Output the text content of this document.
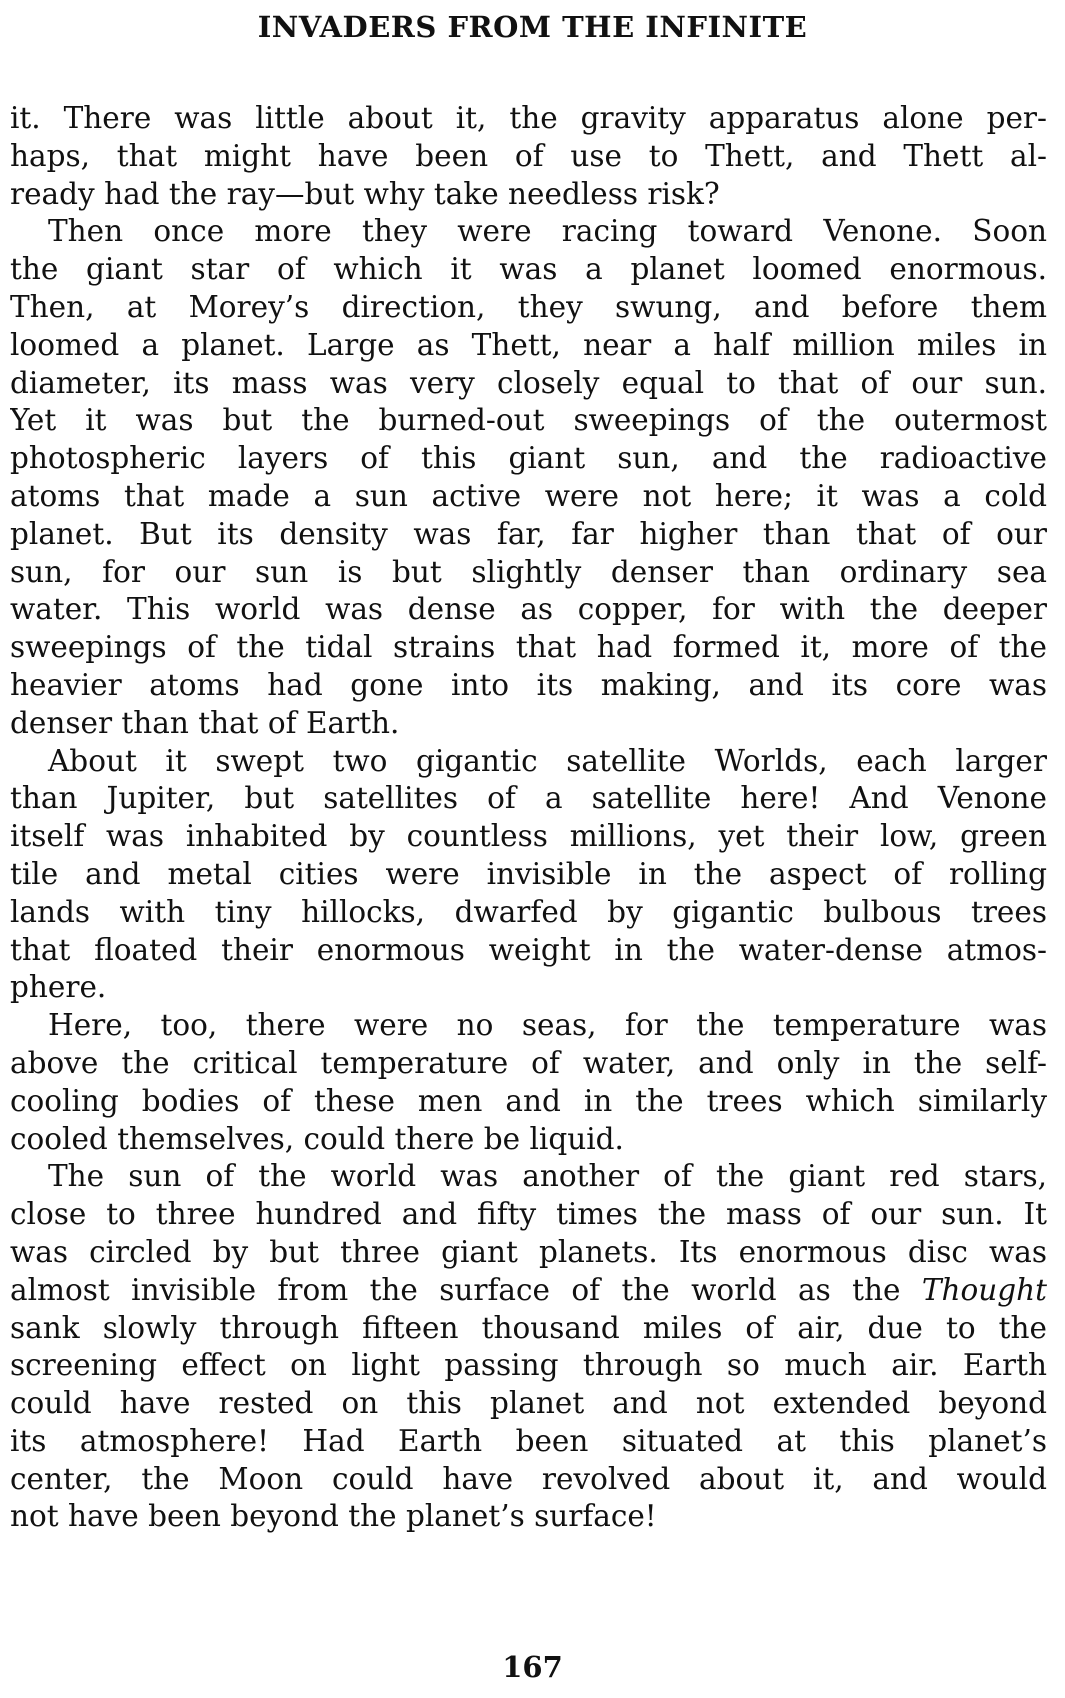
INVADERS FROM THE INFINITE
it. There was little about it, the gravity apparatus alone per-
haps, that might have been of use to Thett, and Thett al-
ready had the ray—but why take needless risk?
Then once more they were racing toward Venone. Soon
the giant star of which it was a planet loomed enormous.
Then, at Morey’s direction, they swung, and before them
loomed a planet. Large as Thett, near a half million miles in
diameter, its mass was very closely equal to that of our sun.
Yet it was but the burned-out sweepings of the outermost
photospheric layers of this giant sun, and the radioactive
atoms that made a sun active were not here; it was a cold
planet. But its density was far, far higher than that of our
sun, for our sun is but slightly denser than ordinary sea
water. This world was dense as copper, for with the deeper
sweepings of the tidal strains that had formed it, more of the
heavier atoms had gone into its making, and its core was
denser than that of Earth.
About it swept two gigantic satellite Worlds, each larger
than Jupiter, but satellites of a satellite here! And Venone
itself was inhabited by countless millions, yet their low, green
tile and metal cities were invisible in the aspect of rolling
lands with tiny hillocks, dwarfed by gigantic bulbous trees
that floated their enormous weight in the water-dense atmos-
phere.
Here, too, there were no seas, for the temperature was
above the critical temperature of water, and only in the self-
cooling bodies of these men and in the trees which similarly
cooled themselves, could there be liquid.
The sun of the world was another of the giant red stars,
close to three hundred and fifty times the mass of our sun. It
was circled by but three giant planets. Its enormous disc was
almost invisible from the surface of the world as the Thought
sank slowly through fifteen thousand miles of air, due to the
screening effect on light passing through so much air. Earth
could have rested on this planet and not extended beyond
its atmosphere! Had Earth been situated at this planet’s
center, the Moon could have revolved about it, and would
not have been beyond the planet’s surface!
167
